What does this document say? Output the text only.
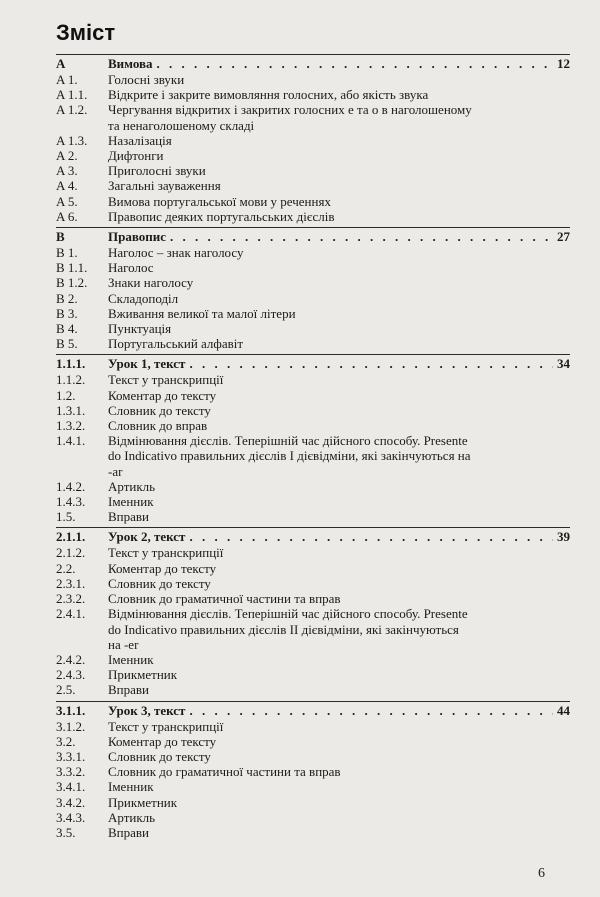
Зміст
A	Вимова . . .	12
A 1.	Голосні звуки
A 1.1.	Відкрите і закрите вимовляння голосних, або якість звука
A 1.2.	Чергування відкритих і закритих голосних e та o в наголошеному
та ненаголошеному складі
A 1.3.	Назалізація
A 2.	Дифтонги
A 3.	Приголосні звуки
A 4.	Загальні зауваження
A 5.	Вимова португальської мови у реченнях
A 6.	Правопис деяких португальських дієслів
B	Правопис . . .	27
B 1.	Наголос – знак наголосу
B 1.1.	Наголос
B 1.2.	Знаки наголосу
B 2.	Складоподіл
B 3.	Вживання великої та малої літери
B 4.	Пунктуація
B 5.	Португальський алфавіт
1.1.1.	Урок 1, текст . . .	34
1.1.2.	Текст у транскрипції
1.2.	Коментар до тексту
1.3.1.	Словник до тексту
1.3.2.	Словник до вправ
1.4.1.	Відмінювання дієслів. Теперішній час дійсного способу. Presente
do Indicativo правильних дієслів I дієвідміни, які закінчуються на
-ar
1.4.2.	Артикль
1.4.3.	Іменник
1.5.	Вправи
2.1.1.	Урок 2, текст . . .	39
2.1.2.	Текст у транскрипції
2.2.	Коментар до тексту
2.3.1.	Словник до тексту
2.3.2.	Словник до граматичної частини та вправ
2.4.1.	Відмінювання дієслів. Теперішній час дійсного способу. Presente
do Indicativo правильних дієслів II дієвідміни, які закінчуються
на -er
2.4.2.	Іменник
2.4.3.	Прикметник
2.5.	Вправи
3.1.1.	Урок 3, текст . . .	44
3.1.2.	Текст у транскрипції
3.2.	Коментар до тексту
3.3.1.	Словник до тексту
3.3.2.	Словник до граматичної частини та вправ
3.4.1.	Іменник
3.4.2.	Прикметник
3.4.3.	Артикль
3.5.	Вправи
6
